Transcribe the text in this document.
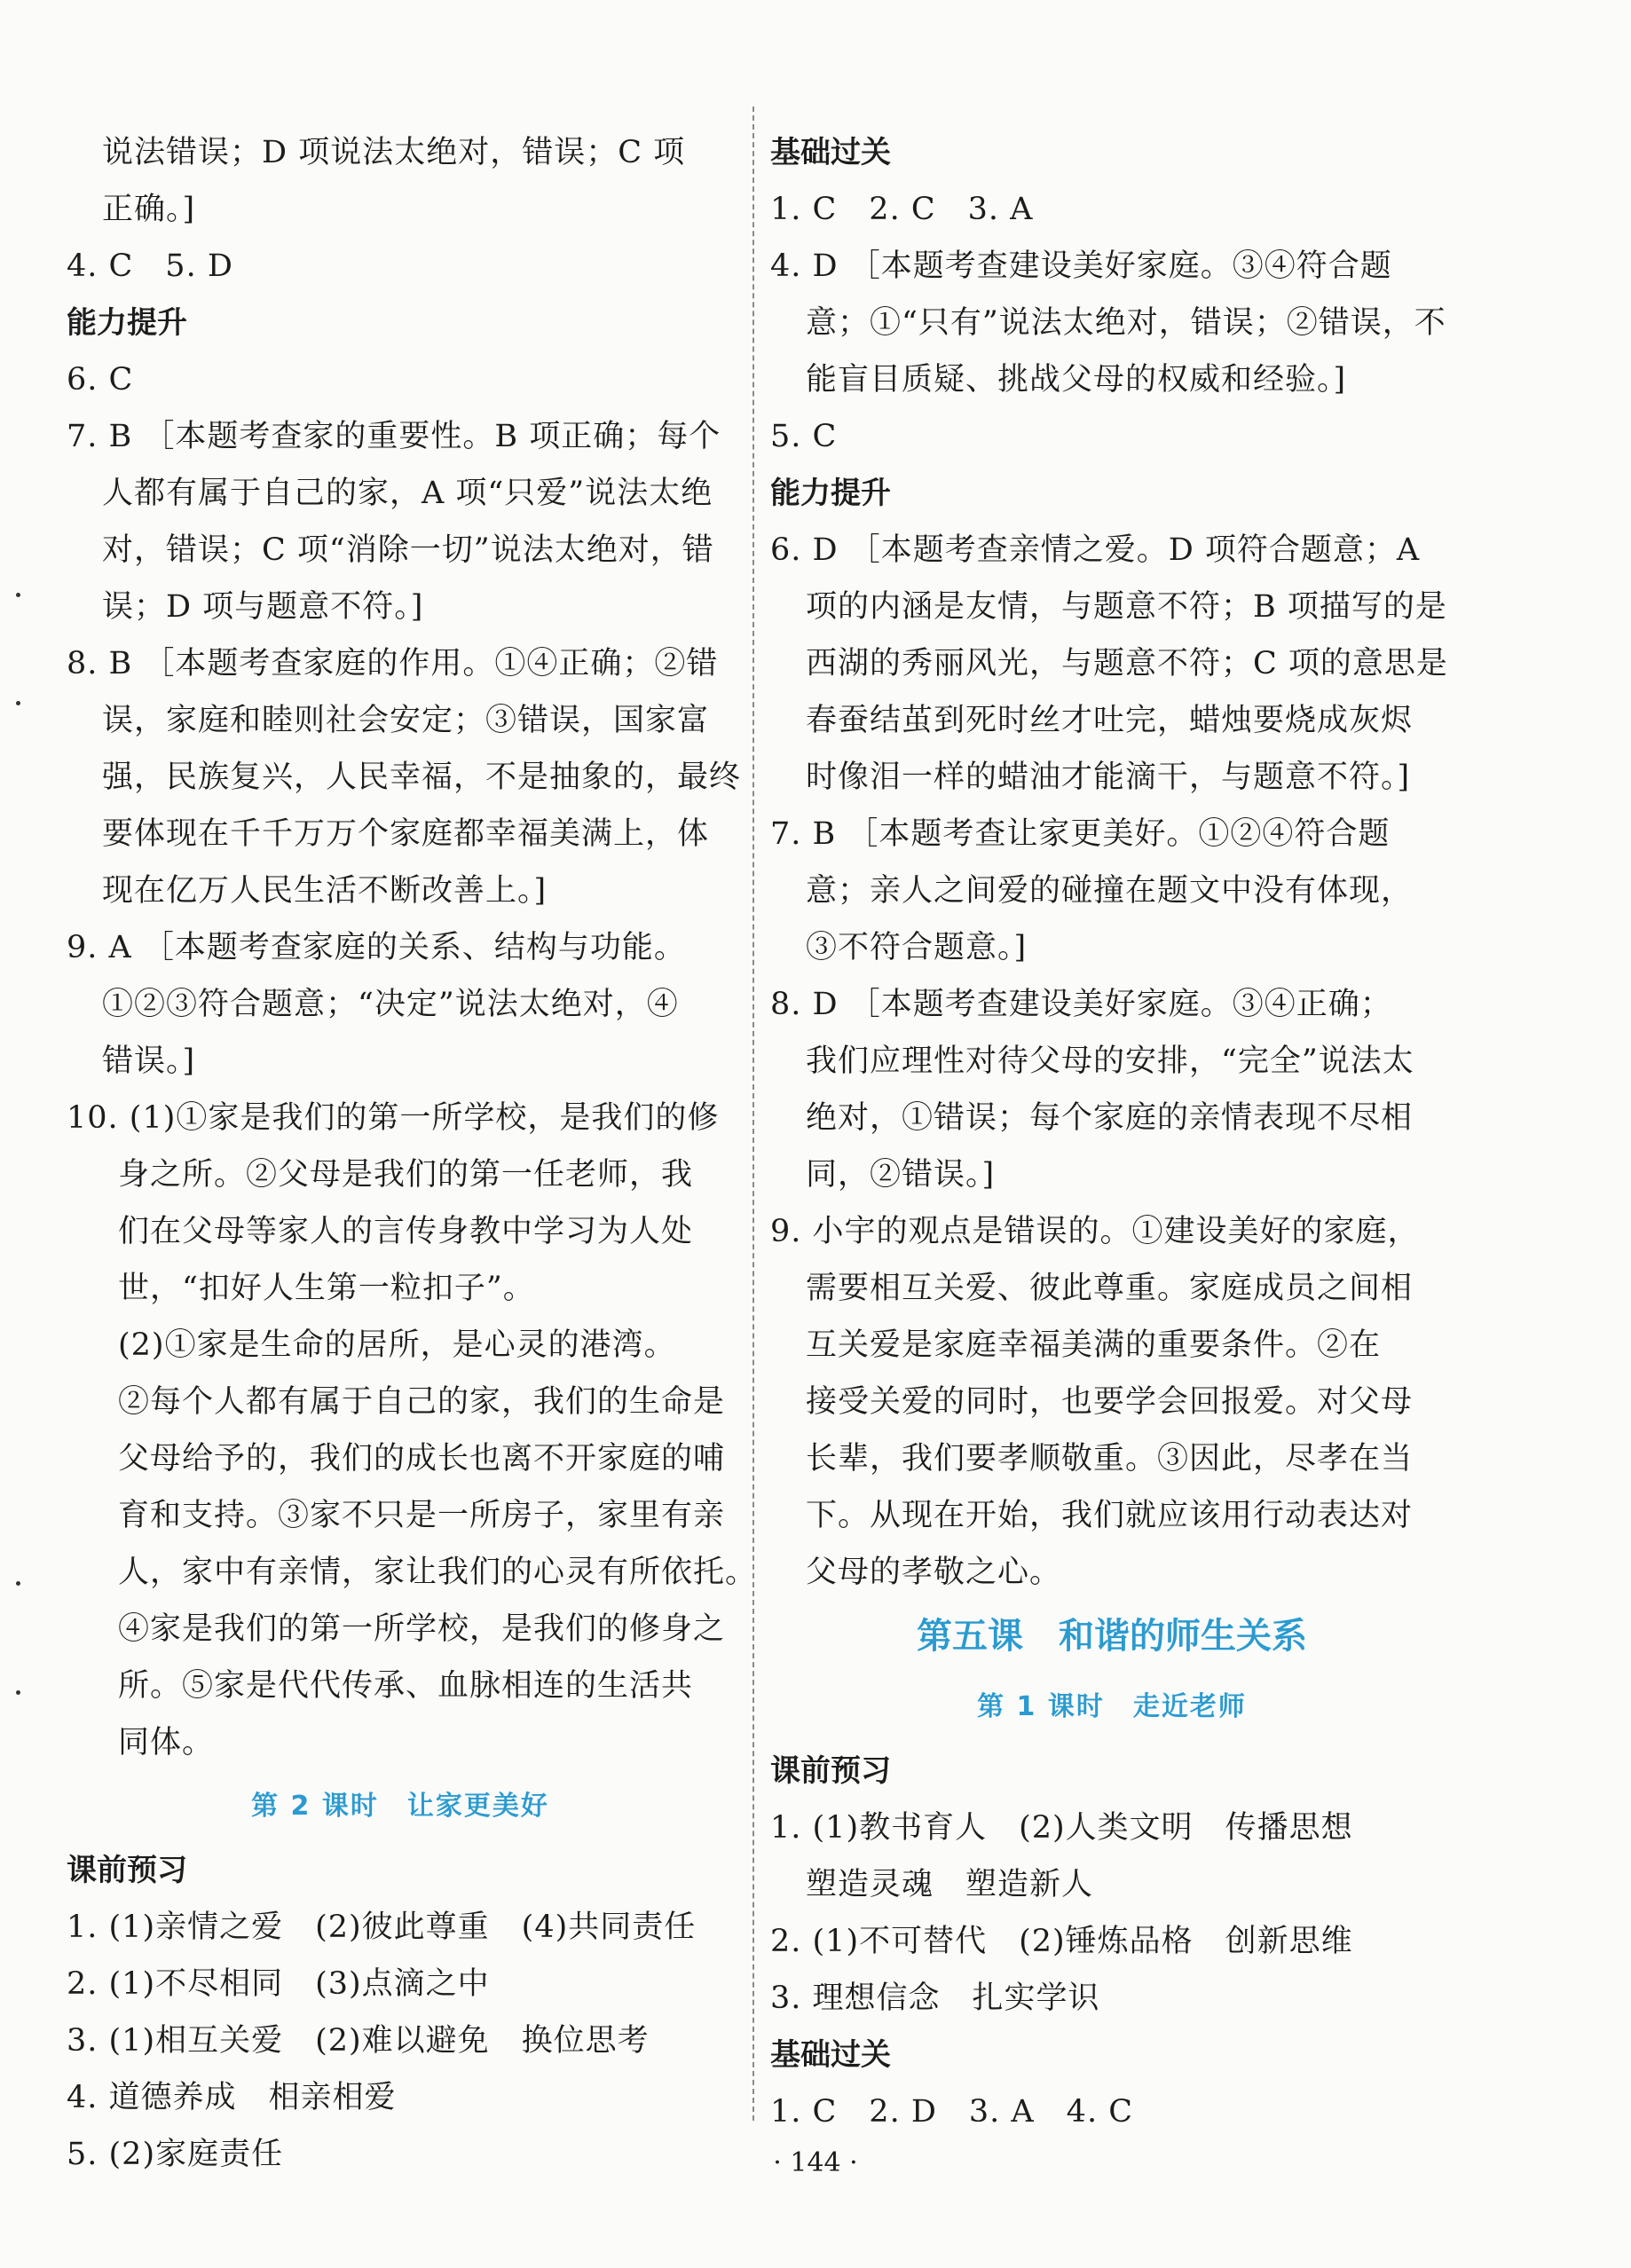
说法错误；D 项说法太绝对，错误；C 项
正确。]
4. C　5. D
能力提升
6. C
7. B ［本题考查家的重要性。B 项正确；每个
人都有属于自己的家，A 项“只爱”说法太绝
对，错误；C 项“消除一切”说法太绝对，错
误；D 项与题意不符。]
8. B ［本题考查家庭的作用。①④正确；②错
误，家庭和睦则社会安定；③错误，国家富
强，民族复兴，人民幸福，不是抽象的，最终
要体现在千千万万个家庭都幸福美满上，体
现在亿万人民生活不断改善上。]
9. A ［本题考查家庭的关系、结构与功能。
①②③符合题意；“决定”说法太绝对，④
错误。]
10. (1)①家是我们的第一所学校，是我们的修
身之所。②父母是我们的第一任老师，我
们在父母等家人的言传身教中学习为人处
世，“扣好人生第一粒扣子”。
(2)①家是生命的居所，是心灵的港湾。
②每个人都有属于自己的家，我们的生命是
父母给予的，我们的成长也离不开家庭的哺
育和支持。③家不只是一所房子，家里有亲
人，家中有亲情，家让我们的心灵有所依托。
④家是我们的第一所学校，是我们的修身之
所。⑤家是代代传承、血脉相连的生活共
同体。
第 2 课时　让家更美好
课前预习
1. (1)亲情之爱　(2)彼此尊重　(4)共同责任
2. (1)不尽相同　(3)点滴之中
3. (1)相互关爱　(2)难以避免　换位思考
4. 道德养成　相亲相爱
5. (2)家庭责任
基础过关
1. C　2. C　3. A
4. D ［本题考查建设美好家庭。③④符合题
意；①“只有”说法太绝对，错误；②错误，不
能盲目质疑、挑战父母的权威和经验。]
5. C
能力提升
6. D ［本题考查亲情之爱。D 项符合题意；A
项的内涵是友情，与题意不符；B 项描写的是
西湖的秀丽风光，与题意不符；C 项的意思是
春蚕结茧到死时丝才吐完，蜡烛要烧成灰烬
时像泪一样的蜡油才能滴干，与题意不符。]
7. B ［本题考查让家更美好。①②④符合题
意；亲人之间爱的碰撞在题文中没有体现，
③不符合题意。]
8. D ［本题考查建设美好家庭。③④正确；
我们应理性对待父母的安排，“完全”说法太
绝对，①错误；每个家庭的亲情表现不尽相
同，②错误。]
9. 小宇的观点是错误的。①建设美好的家庭，
需要相互关爱、彼此尊重。家庭成员之间相
互关爱是家庭幸福美满的重要条件。②在
接受关爱的同时，也要学会回报爱。对父母
长辈，我们要孝顺敬重。③因此，尽孝在当
下。从现在开始，我们就应该用行动表达对
父母的孝敬之心。
第五课　和谐的师生关系
第 1 课时　走近老师
课前预习
1. (1)教书育人　(2)人类文明　传播思想
塑造灵魂　塑造新人
2. (1)不可替代　(2)锤炼品格　创新思维
3. 理想信念　扎实学识
基础过关
1. C　2. D　3. A　4. C
· 144 ·
